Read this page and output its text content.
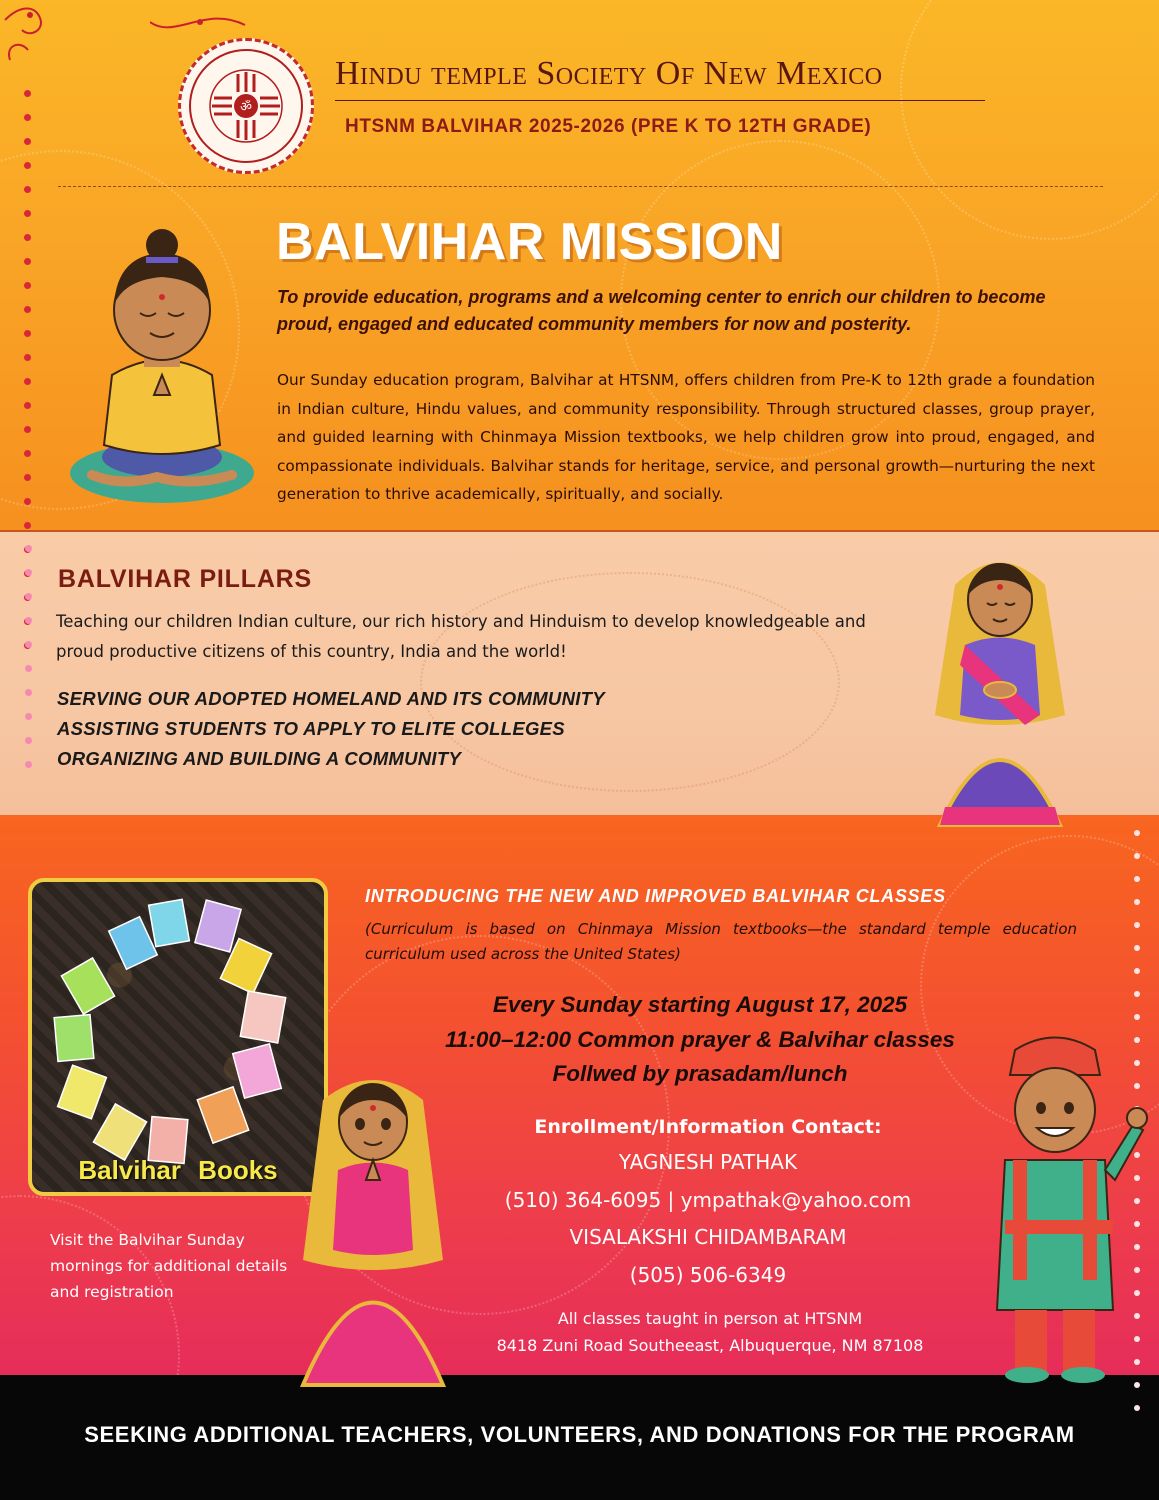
ॐ
Hindu temple Society Of New Mexico
HTSNM BALVIHAR 2025-2026 (PRE K TO 12TH GRADE)
BALVIHAR MISSION
To provide education, programs and a welcoming center to enrich our children to become proud, engaged and educated community members for now and posterity.
Our Sunday education program, Balvihar at HTSNM, offers children from Pre-K to 12th grade a foundation in Indian culture, Hindu values, and community responsibility. Through structured classes, group prayer, and guided learning with Chinmaya Mission textbooks, we help children grow into proud, engaged, and compassionate individuals. Balvihar stands for heritage, service, and personal growth—nurturing the next generation to thrive academically, spiritually, and socially.
BALVIHAR PILLARS
Teaching our children Indian culture, our rich history and Hinduism to develop knowledgeable and proud productive citizens of this country, India and the world!
SERVING OUR ADOPTED HOMELAND AND ITS COMMUNITY
ASSISTING STUDENTS TO APPLY TO ELITE COLLEGES
ORGANIZING AND BUILDING A COMMUNITY
Balvihar Books
Visit the Balvihar Sunday mornings for additional details and registration
INTRODUCING THE NEW AND IMPROVED BALVIHAR CLASSES
(Curriculum is based on Chinmaya Mission textbooks—the standard temple education curriculum used across the United States)
Every Sunday starting August 17, 2025
11:00–12:00 Common prayer & Balvihar classes
Follwed by prasadam/lunch
Enrollment/Information Contact:
YAGNESH PATHAK
(510) 364-6095 | ympathak@yahoo.com
VISALAKSHI CHIDAMBARAM
(505) 506-6349
All classes taught in person at HTSNM
8418 Zuni Road Southeeast, Albuquerque, NM 87108
SEEKING ADDITIONAL TEACHERS, VOLUNTEERS, AND DONATIONS FOR THE PROGRAM
